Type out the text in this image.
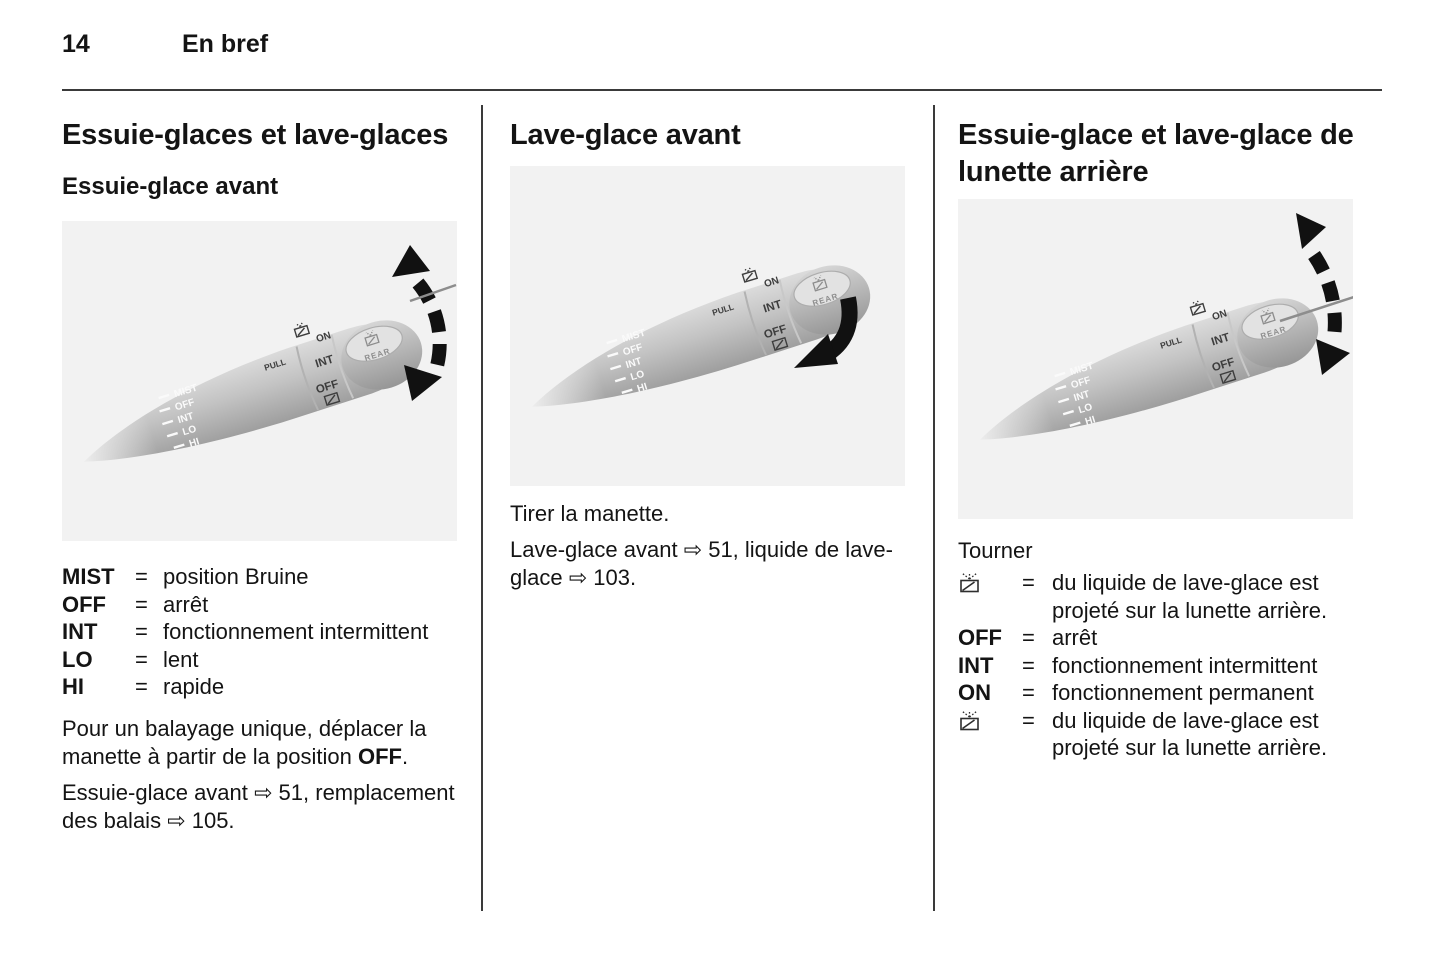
14	En bref
Essuie-glaces et lave-glaces
Essuie-glace avant
MIST = position Bruine
OFF	= arrêt
INT	= fonctionnement intermittent
LO	= lent
HI	= rapide

Pour un balayage unique, déplacer la manette à partir de la position OFF.

Essuie-glace avant ⇨ 51, remplacement des balais ⇨ 105.

Lave-glace avant

Tirer la manette.

Lave-glace avant ⇨ 51, liquide de lave-glace ⇨ 103.

Essuie-glace et lave-glace de lunette arrière
Tourner
= du liquide de lave-glace est projeté sur la lunette arrière.
OFF = arrêt
INT	= fonctionnement intermittent
ON	= fonctionnement permanent
= du liquide de lave-glace est projeté sur la lunette arrière.
